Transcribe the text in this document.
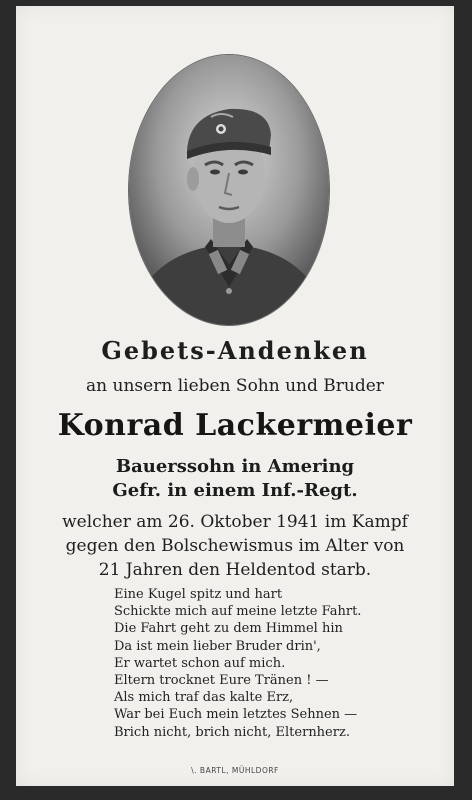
Gebets-Andenken
an unsern lieben Sohn und Bruder
Konrad Lackermeier
Bauerssohn in Amering
Gefr. in einem Inf.-Regt.
welcher am 26. Oktober 1941 im Kampf
gegen den Bolschewismus im Alter von
21 Jahren den Heldentod starb.
Eine Kugel spitz und hart
Schickte mich auf meine letzte Fahrt.
Die Fahrt geht zu dem Himmel hin
Da ist mein lieber Bruder drin',
Er wartet schon auf mich.
Eltern trocknet Eure Tränen ! —
Als mich traf das kalte Erz,
War bei Euch mein letztes Sehnen —
Brich nicht, brich nicht, Elternherz.
\. BARTL, MÜHLDORF
